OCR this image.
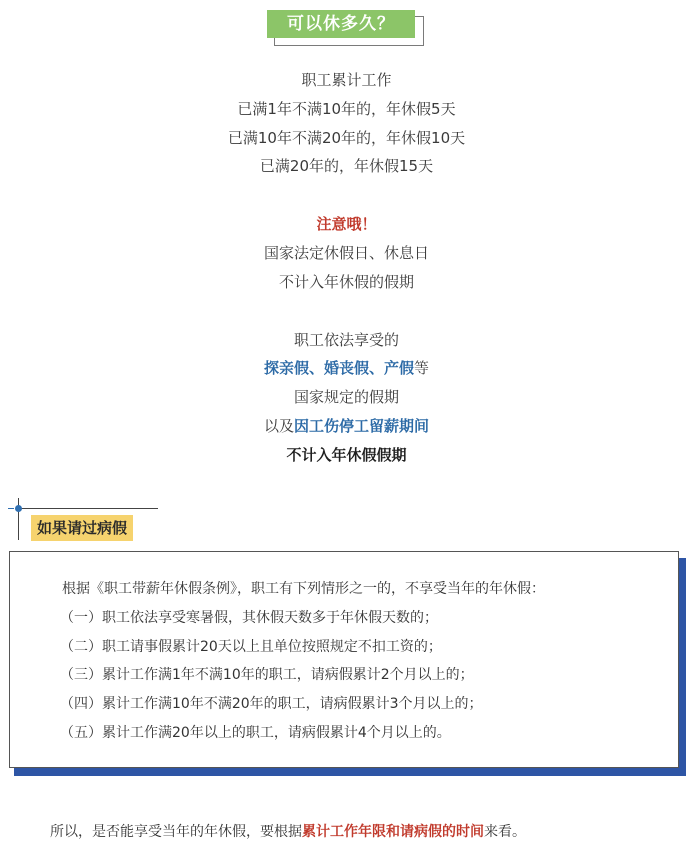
可以休多久？
职工累计工作
已满1年不满10年的，年休假5天
已满10年不满20年的，年休假10天
已满20年的，年休假15天
注意哦！
国家法定休假日、休息日
不计入年休假的假期
职工依法享受的
探亲假、婚丧假、产假等
国家规定的假期
以及因工伤停工留薪期间
不计入年休假假期
如果请过病假
根据《职工带薪年休假条例》，职工有下列情形之一的，不享受当年的年休假：
（一）职工依法享受寒暑假，其休假天数多于年休假天数的；
（二）职工请事假累计20天以上且单位按照规定不扣工资的；
（三）累计工作满1年不满10年的职工，请病假累计2个月以上的；
（四）累计工作满10年不满20年的职工，请病假累计3个月以上的；
（五）累计工作满20年以上的职工，请病假累计4个月以上的。
所以，是否能享受当年的年休假，要根据累计工作年限和请病假的时间来看。
